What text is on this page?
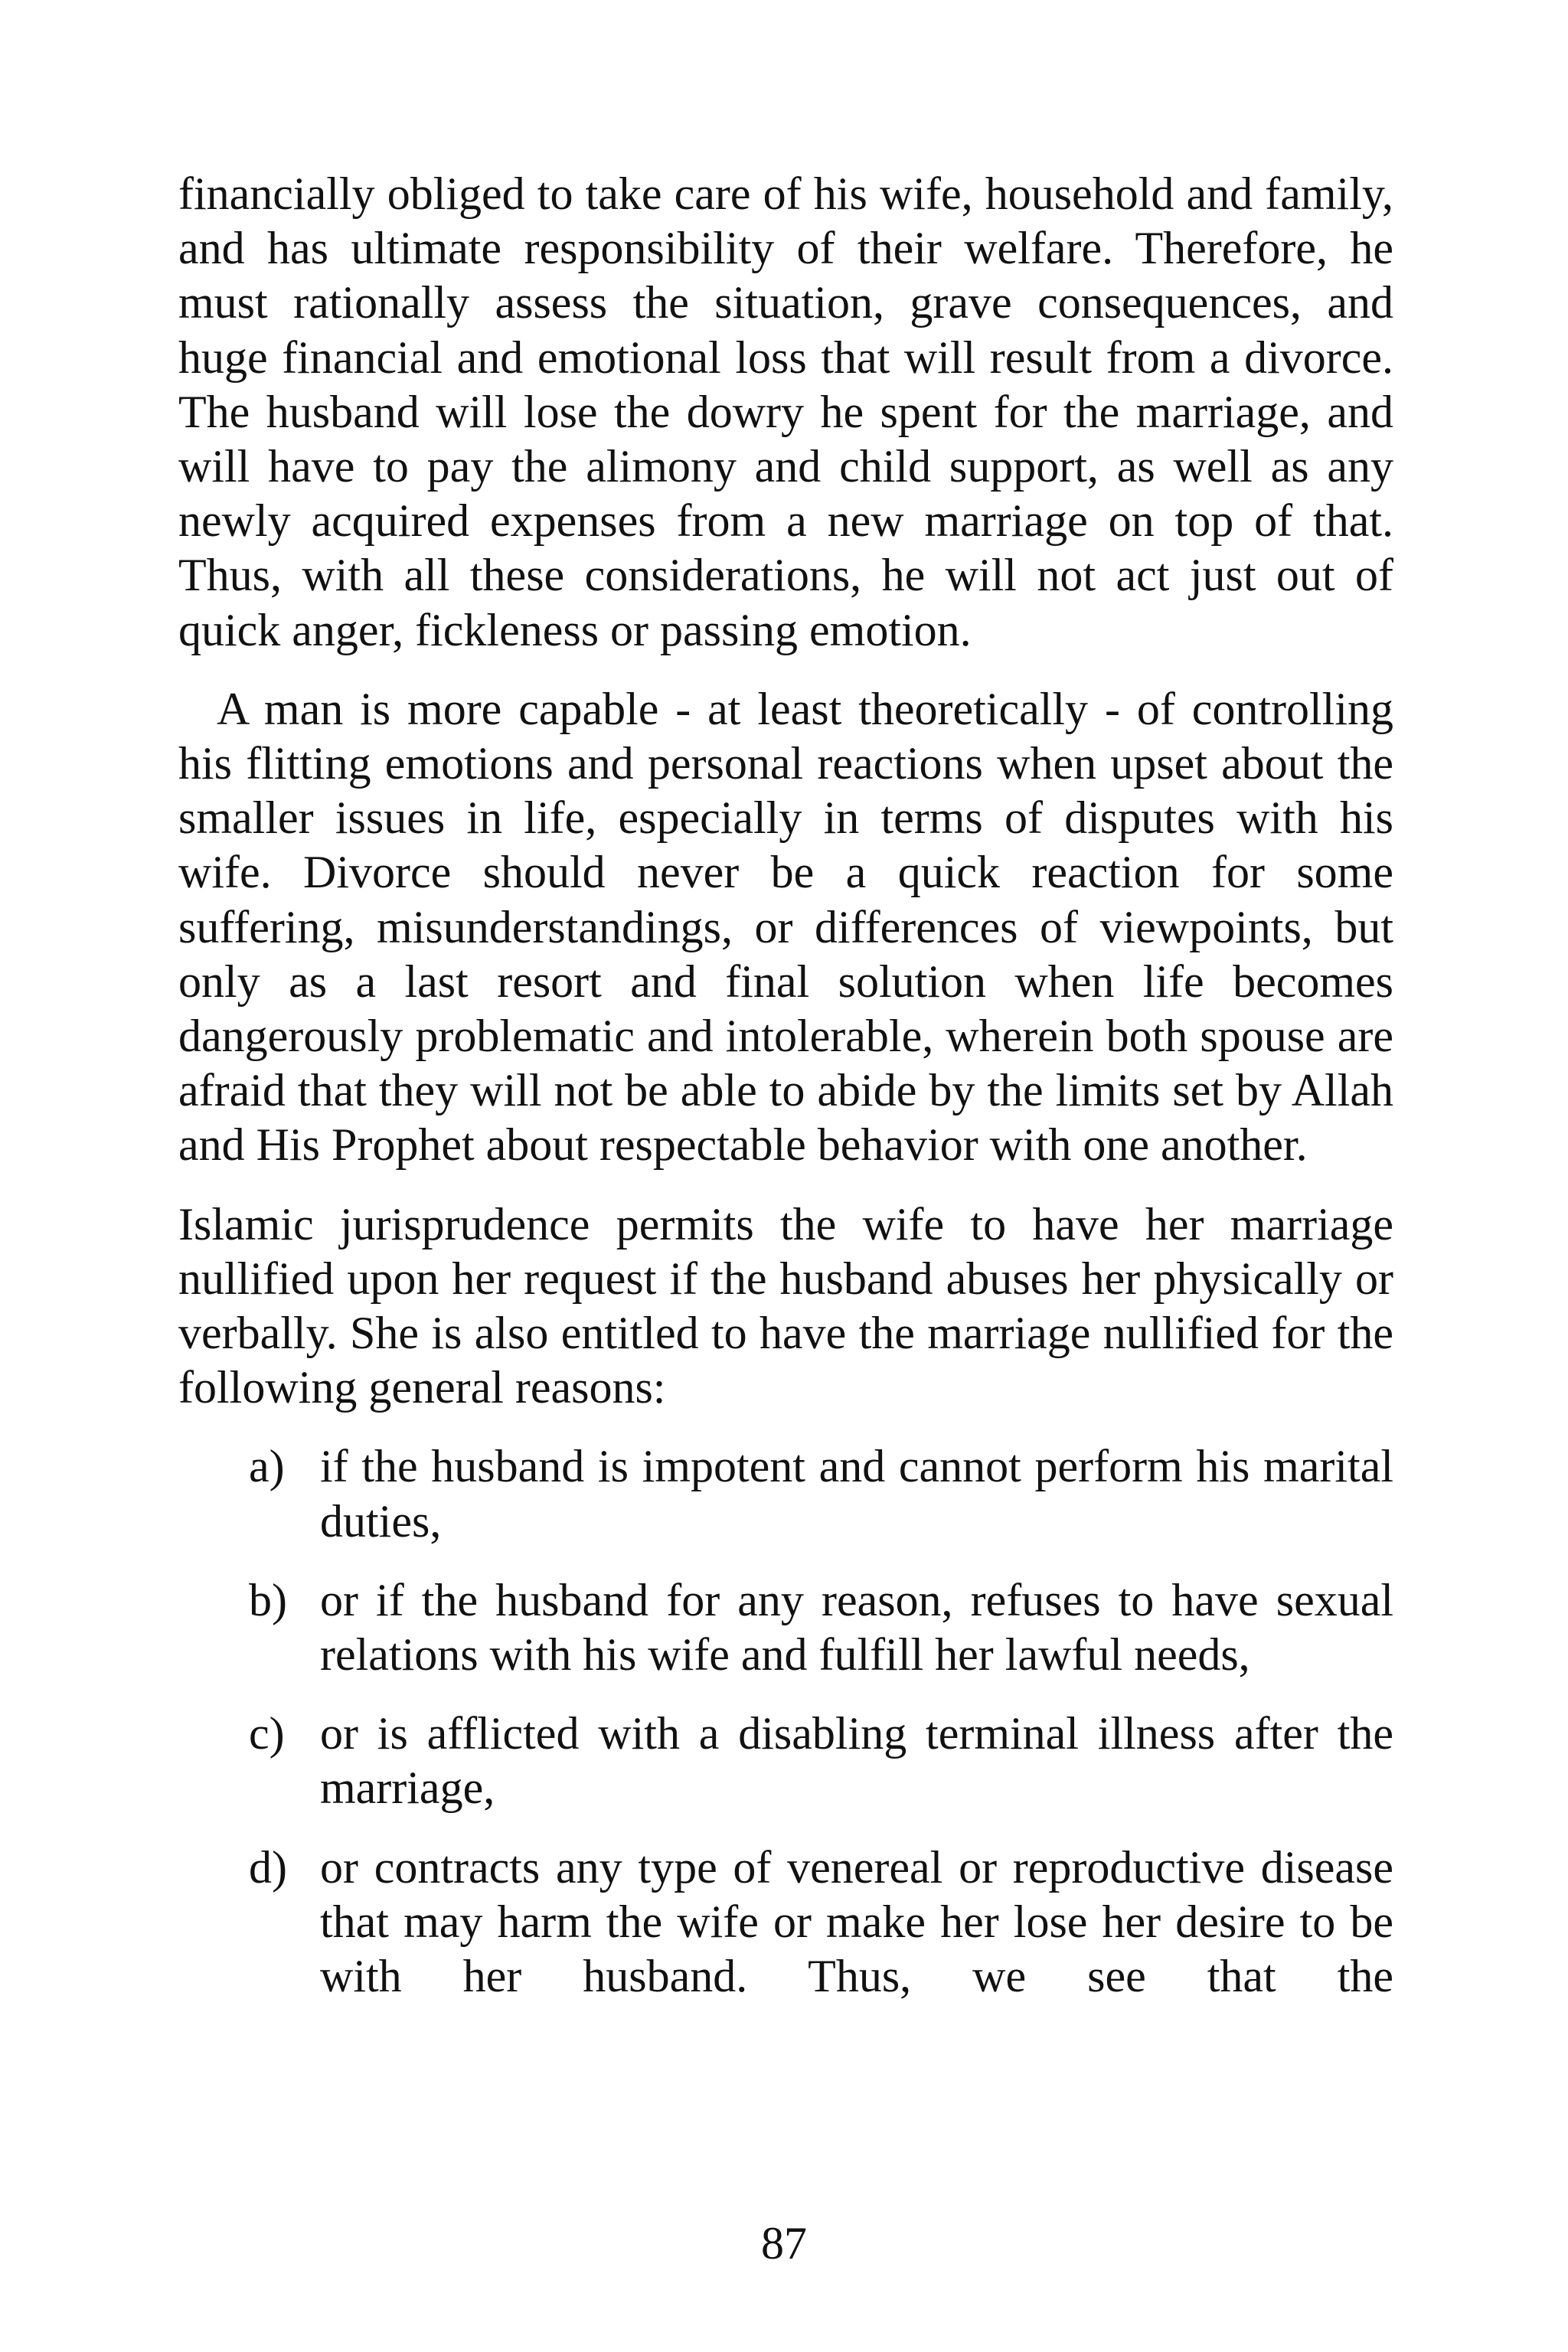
financially obliged to take care of his wife, household and family, and has ultimate responsibility of their welfare. Therefore, he must rationally assess the situation, grave consequences, and huge financial and emotional loss that will result from a divorce. The husband will lose the dowry he spent for the marriage, and will have to pay the alimony and child support, as well as any newly acquired expenses from a new marriage on top of that. Thus, with all these considerations, he will not act just out of quick anger, fickleness or passing emotion.

A man is more capable - at least theoretically - of controlling his flitting emotions and personal reactions when upset about the smaller issues in life, especially in terms of disputes with his wife. Divorce should never be a quick reaction for some suffering, misunderstandings, or differences of viewpoints, but only as a last resort and final solution when life becomes dangerously problematic and intolerable, wherein both spouse are afraid that they will not be able to abide by the limits set by Allah and His Prophet about respectable behavior with one another.

Islamic jurisprudence permits the wife to have her marriage nullified upon her request if the husband abuses her physically or verbally. She is also entitled to have the marriage nullified for the following general reasons:

a) if the husband is impotent and cannot perform his marital duties,
b) or if the husband for any reason, refuses to have sexual relations with his wife and fulfill her lawful needs,
c) or is afflicted with a disabling terminal illness after the marriage,
d) or contracts any type of venereal or reproductive disease that may harm the wife or make her lose her desire to be with her husband. Thus, we see that the
87
